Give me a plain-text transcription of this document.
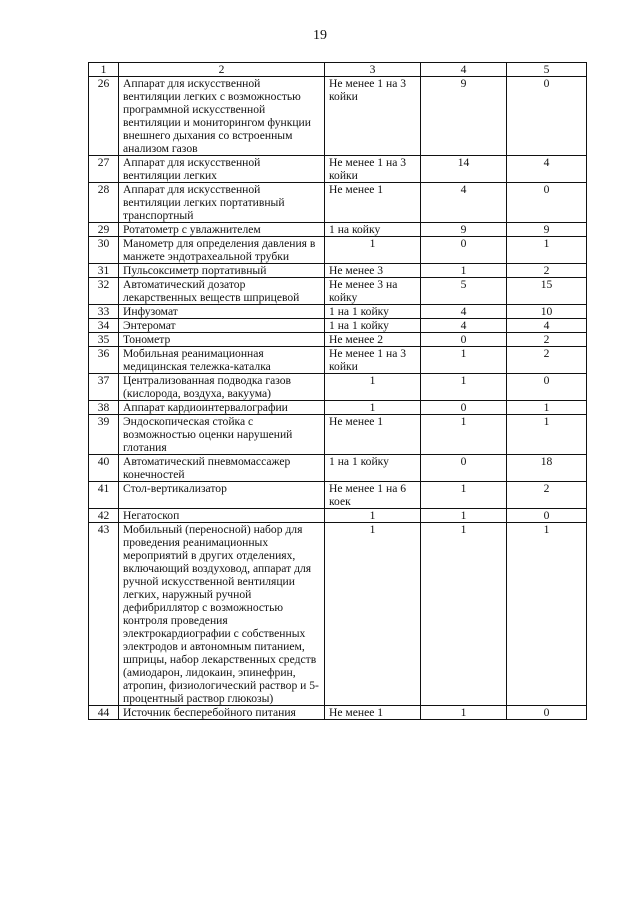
19
1	2	3	4	5
26	Аппарат для искусственной вентиляции легких с возможностью программной искусственной вентиляции и мониторингом функции внешнего дыхания со встроенным анализом газов	Не менее 1 на 3 койки	9	0
27	Аппарат для искусственной вентиляции легких	Не менее 1 на 3 койки	14	4
28	Аппарат для искусственной вентиляции легких портативный транспортный	Не менее 1	4	0
29	Ротатометр с увлажнителем	1 на койку	9	9
30	Манометр для определения давления в манжете эндотрахеальной трубки	1	0	1
31	Пульсоксиметр портативный	Не менее 3	1	2
32	Автоматический дозатор лекарственных веществ шприцевой	Не менее 3 на койку	5	15
33	Инфузомат	1 на 1 койку	4	10
34	Энтеромат	1 на 1 койку	4	4
35	Тонометр	Не менее 2	0	2
36	Мобильная реанимационная медицинская тележка-каталка	Не менее 1 на 3 койки	1	2
37	Централизованная подводка газов (кислорода, воздуха, вакуума)	1	1	0
38	Аппарат кардиоинтервалографии	1	0	1
39	Эндоскопическая стойка с возможностью оценки нарушений глотания	Не менее 1	1	1
40	Автоматический пневмомассажер конечностей	1 на 1 койку	0	18
41	Стол-вертикализатор	Не менее 1 на 6 коек	1	2
42	Негатоскоп	1	1	0
43	Мобильный (переносной) набор для проведения реанимационных мероприятий в других отделениях, включающий воздуховод, аппарат для ручной искусственной вентиляции легких, наружный ручной дефибриллятор с возможностью контроля проведения электрокардиографии с собственных электродов и автономным питанием, шприцы, набор лекарственных средств (амиодарон, лидокаин, эпинефрин, атропин, физиологический раствор и 5-процентный раствор глюкозы)	1	1	1
44	Источник бесперебойного питания	Не менее 1	1	0
